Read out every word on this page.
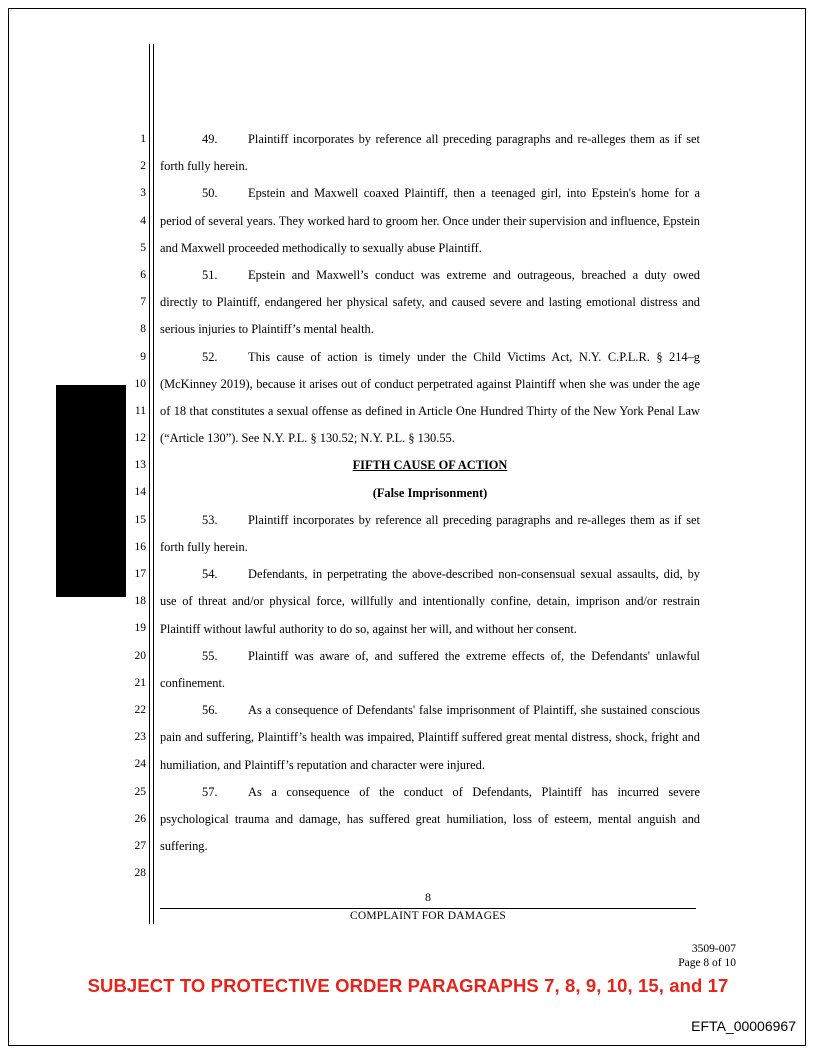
1
2
3
4
5
6
7
8
9
10
11
12
13
14
15
16
17
18
19
20
21
22
23
24
25
26
27
28

49. Plaintiff incorporates by reference all preceding paragraphs and re-alleges them as if set forth fully herein.

50. Epstein and Maxwell coaxed Plaintiff, then a teenaged girl, into Epstein's home for a period of several years. They worked hard to groom her. Once under their supervision and influence, Epstein and Maxwell proceeded methodically to sexually abuse Plaintiff.

51. Epstein and Maxwell’s conduct was extreme and outrageous, breached a duty owed directly to Plaintiff, endangered her physical safety, and caused severe and lasting emotional distress and serious injuries to Plaintiff’s mental health.

52. This cause of action is timely under the Child Victims Act, N.Y. C.P.L.R. § 214–g (McKinney 2019), because it arises out of conduct perpetrated against Plaintiff when she was under the age of 18 that constitutes a sexual offense as defined in Article One Hundred Thirty of the New York Penal Law (“Article 130”). See N.Y. P.L. § 130.52; N.Y. P.L. § 130.55.

FIFTH CAUSE OF ACTION

(False Imprisonment)

53. Plaintiff incorporates by reference all preceding paragraphs and re-alleges them as if set forth fully herein.

54. Defendants, in perpetrating the above-described non-consensual sexual assaults, did, by use of threat and/or physical force, willfully and intentionally confine, detain, imprison and/or restrain Plaintiff without lawful authority to do so, against her will, and without her consent.

55. Plaintiff was aware of, and suffered the extreme effects of, the Defendants' unlawful confinement.

56. As a consequence of Defendants' false imprisonment of Plaintiff, she sustained conscious pain and suffering, Plaintiff’s health was impaired, Plaintiff suffered great mental distress, shock, fright and humiliation, and Plaintiff’s reputation and character were injured.

57. As a consequence of the conduct of Defendants, Plaintiff has incurred severe psychological trauma and damage, has suffered great humiliation, loss of esteem, mental anguish and suffering.

8
COMPLAINT FOR DAMAGES
3509-007
Page 8 of 10
SUBJECT TO PROTECTIVE ORDER PARAGRAPHS 7, 8, 9, 10, 15, and 17
EFTA_00006967
